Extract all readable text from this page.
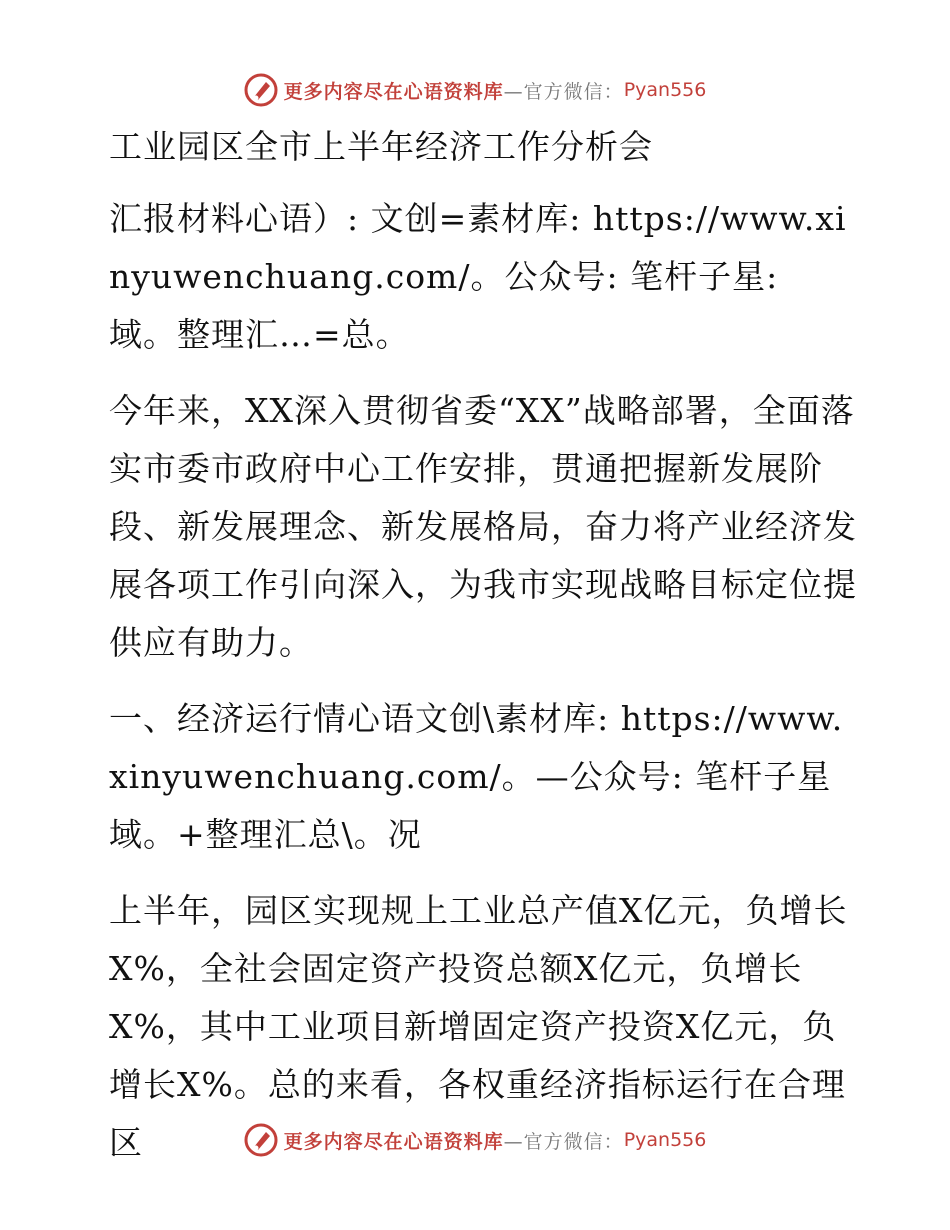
更多内容尽在心语资料库 —官方微信： Pyan556

工业园区全市上半年经济工作分析会

汇报材料心语）: 文创=素材库: https://www.xinyuwenchuang.com/。公众号: 笔杆子星: 域。整理汇…=总。

今年来，XX深入贯彻省委“XX”战略部署，全面落实市委市政府中心工作安排，贯通把握新发展阶段、新发展理念、新发展格局，奋力将产业经济发展各项工作引向深入，为我市实现战略目标定位提供应有助力。

一、经济运行情心语文创\素材库: https://www.xinyuwenchuang.com/。—公众号: 笔杆子星域。+整理汇总\。况

上半年，园区实现规上工业总产值X亿元，负增长X%，全社会固定资产投资总额X亿元，负增长X%，其中工业项目新增固定资产投资X亿元，负增长X%。总的来看，各权重经济指标运行在合理区	更多内容尽在心语资料库 —官方微信： Pyan556
